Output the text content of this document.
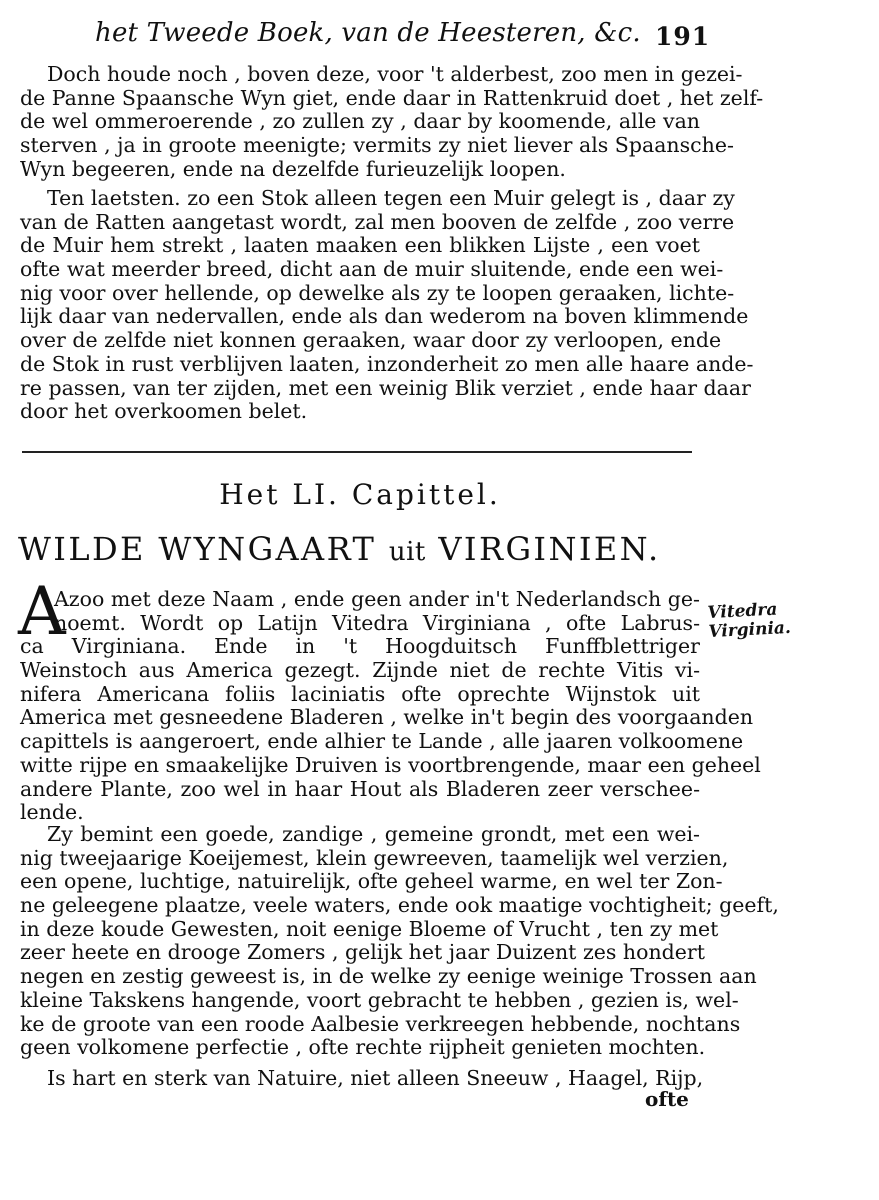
het Tweede Boek, van de Heesteren, &c. 191
Doch houde noch , boven deze, voor 't alderbest, zoo men in gezei-
de Panne Spaansche Wyn giet, ende daar in Rattenkruid doet , het zelf-
de wel ommeroerende , zo zullen zy , daar by koomende, alle van
sterven , ja in groote meenigte; vermits zy niet liever als Spaansche-
Wyn begeeren, ende na dezelfde furieuzelijk loopen.
Ten laetsten. zo een Stok alleen tegen een Muir gelegt is , daar zy
van de Ratten aangetast wordt, zal men booven de zelfde , zoo verre
de Muir hem strekt , laaten maaken een blikken Lijste , een voet
ofte wat meerder breed, dicht aan de muir sluitende, ende een wei-
nig voor over hellende, op dewelke als zy te loopen geraaken, lichte-
lijk daar van nedervallen, ende als dan wederom na boven klimmende
over de zelfde niet konnen geraaken, waar door zy verloopen, ende
de Stok in rust verblijven laaten, inzonderheit zo men alle haare ande-
re passen, van ter zijden, met een weinig Blik verziet , ende haar daar
door het overkoomen belet.
Het LI. Capittel.
WILDE WYNGAART uit VIRGINIEN.
A	Vitedra
Virginia.
Azoo met deze Naam , ende geen ander in't Nederlandsch ge-
noemt. Wordt op Latijn Vitedra Virginiana , ofte Labrus-
ca Virginiana. Ende in 't Hoogduitsch Funffblettriger
Weinstoch aus America gezegt. Zijnde niet de rechte Vitis vi-
nifera Americana foliis laciniatis ofte oprechte Wijnstok uit
America met gesneedene Bladeren , welke in't begin des voorgaanden
capittels is aangeroert, ende alhier te Lande , alle jaaren volkoomene
witte rijpe en smaakelijke Druiven is voortbrengende, maar een geheel
andere Plante, zoo wel in haar Hout als Bladeren zeer verschee-
lende.
Zy bemint een goede, zandige , gemeine grondt, met een wei-
nig tweejaarige Koeijemest, klein gewreeven, taamelijk wel verzien,
een opene, luchtige, natuirelijk, ofte geheel warme, en wel ter Zon-
ne geleegene plaatze, veele waters, ende ook maatige vochtigheit; geeft,
in deze koude Gewesten, noit eenige Bloeme of Vrucht , ten zy met
zeer heete en drooge Zomers , gelijk het jaar Duizent zes hondert
negen en zestig geweest is, in de welke zy eenige weinige Trossen aan
kleine Takskens hangende, voort gebracht te hebben , gezien is, wel-
ke de groote van een roode Aalbesie verkreegen hebbende, nochtans
geen volkomene perfectie , ofte rechte rijpheit genieten mochten.
Is hart en sterk van Natuire, niet alleen Sneeuw , Haagel, Rijp,
ofte
